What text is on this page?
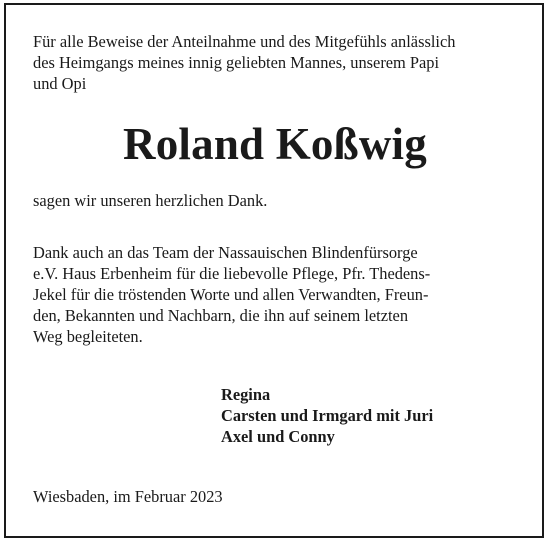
Für alle Beweise der Anteilnahme und des Mitgefühls anlässlich
des Heimgangs meines innig geliebten Mannes, unserem Papi
und Opi
Roland Koßwig
sagen wir unseren herzlichen Dank.
Dank auch an das Team der Nassauischen Blindenfürsorge
e.V. Haus Erbenheim für die liebevolle Pflege, Pfr. Thedens-
Jekel für die tröstenden Worte und allen Verwandten, Freun-
den, Bekannten und Nachbarn, die ihn auf seinem letzten
Weg begleiteten.
Regina
Carsten und Irmgard mit Juri
Axel und Conny
Wiesbaden, im Februar 2023
